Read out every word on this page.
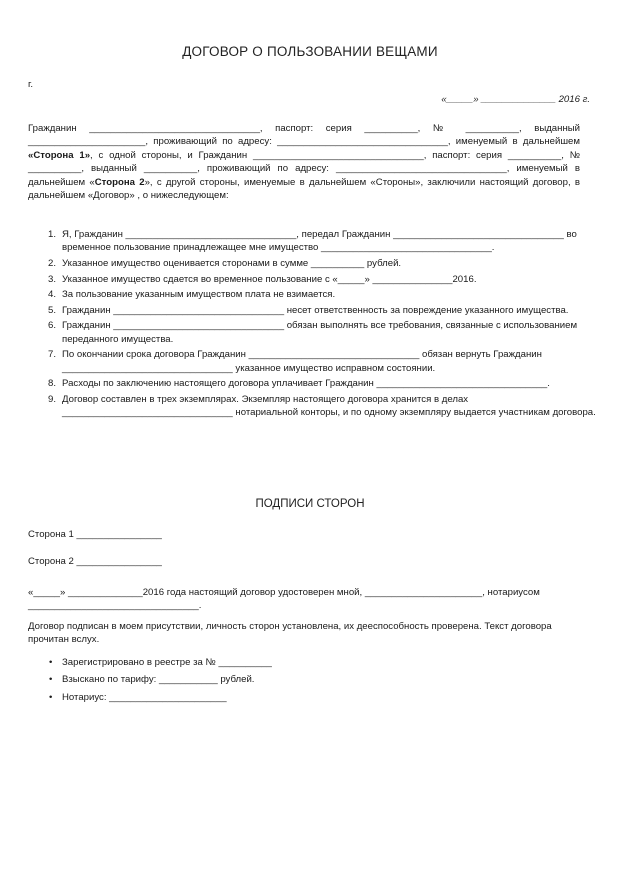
ДОГОВОР О ПОЛЬЗОВАНИИ ВЕЩАМИ
г.
«_____» ______________ 2016 г.
Гражданин ________________________________, паспорт: серия __________, № __________, выданный ______________________, проживающий по адресу: ________________________________, именуемый в дальнейшем «Сторона 1», с одной стороны, и Гражданин ________________________________, паспорт: серия __________, № __________, выданный __________, проживающий по адресу: ________________________________, именуемый в дальнейшем «Сторона 2», с другой стороны, именуемые в дальнейшем «Стороны», заключили настоящий договор, в дальнейшем «Договор» , о нижеследующем:
1. Я, Гражданин ________________________________, передал Гражданин ________________________________ во временное пользование принадлежащее мне имущество ________________________________.
2. Указанное имущество оценивается сторонами в сумме __________ рублей.
3. Указанное имущество сдается во временное пользование с «_____» _______________2016.
4. За пользование указанным имуществом плата не взимается.
5. Гражданин ________________________________ несет ответственность за повреждение указанного имущества.
6. Гражданин ________________________________ обязан выполнять все требования, связанные с использованием переданного имущества.
7. По окончании срока договора Гражданин ________________________________ обязан вернуть Гражданин ________________________________ указанное имущество исправном состоянии.
8. Расходы по заключению настоящего договора уплачивает Гражданин ________________________________.
9. Договор составлен в трех экземплярах. Экземпляр настоящего договора хранится в делах ________________________________ нотариальной конторы, и по одному экземпляру выдается участникам договора.
ПОДПИСИ СТОРОН
Сторона 1 ________________
Сторона 2 ________________
«_____» ______________2016 года настоящий договор удостоверен мной, ______________________, нотариусом ________________________________.
Договор подписан в моем присутствии, личность сторон установлена, их дееспособность проверена. Текст договора прочитан вслух.
• Зарегистрировано в реестре за № __________
• Взыскано по тарифу: ___________ рублей.
• Нотариус: ______________________
